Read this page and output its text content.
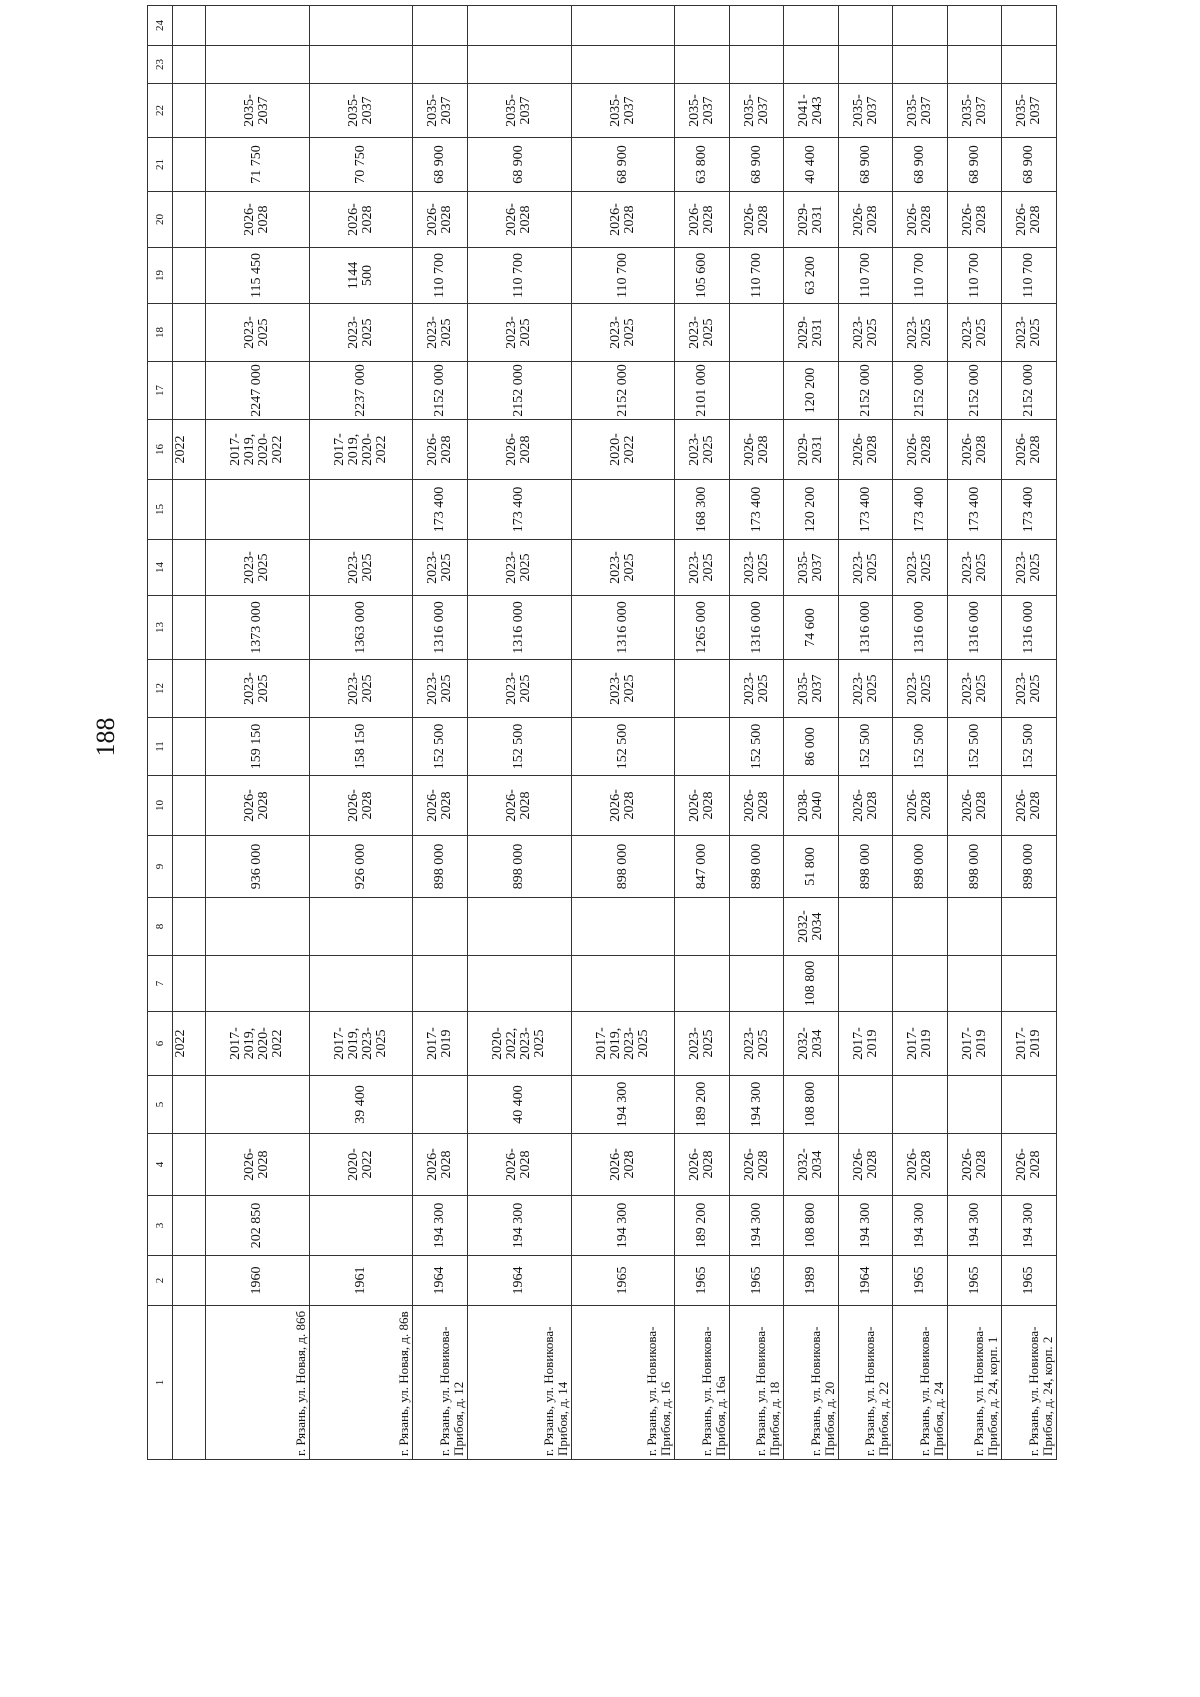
188
1	2	3	4	5	6	7	8	9	10	11	12	13	14	15	16	17	18	19	20	21	22	23	24
					2022										2022								
г. Рязань, ул. Новая, д. 86б	1960	202 850	2026-2028		2017-2019, 2020-2022			936 000	2026-2028	159 150	2023-2025	1373 000	2023-2025		2017-2019, 2020-2022	2247 000	2023-2025	115 450	2026-2028	71 750	2035-2037		
г. Рязань, ул. Новая, д. 86в	1961		2020-2022	39 400	2017-2019, 2023-2025			926 000	2026-2028	158 150	2023-2025	1363 000	2023-2025		2017-2019, 2020-2022	2237 000	2023-2025	1144 500	2026-2028	70 750	2035-2037		
г. Рязань, ул. Новикова-Прибоя, д. 12	1964	194 300	2026-2028		2017-2019			898 000	2026-2028	152 500	2023-2025	1316 000	2023-2025	173 400	2026-2028	2152 000	2023-2025	110 700	2026-2028	68 900	2035-2037		
г. Рязань, ул. Новикова-Прибоя, д. 14	1964	194 300	2026-2028	40 400	2020-2022, 2023-2025			898 000	2026-2028	152 500	2023-2025	1316 000	2023-2025	173 400	2026-2028	2152 000	2023-2025	110 700	2026-2028	68 900	2035-2037		
г. Рязань, ул. Новикова-Прибоя, д. 16	1965	194 300	2026-2028	194 300	2017-2019, 2023-2025			898 000	2026-2028	152 500	2023-2025	1316 000	2023-2025		2020-2022	2152 000	2023-2025	110 700	2026-2028	68 900	2035-2037		
г. Рязань, ул. Новикова-Прибоя, д. 16а	1965	189 200	2026-2028	189 200	2023-2025			847 000	2026-2028			1265 000	2023-2025	168 300	2023-2025	2101 000	2023-2025	105 600	2026-2028	63 800	2035-2037		
г. Рязань, ул. Новикова-Прибоя, д. 18	1965	194 300	2026-2028	194 300	2023-2025			898 000	2026-2028	152 500	2023-2025	1316 000	2023-2025	173 400	2026-2028			110 700	2026-2028	68 900	2035-2037		
г. Рязань, ул. Новикова-Прибоя, д. 20	1989	108 800	2032-2034	108 800	2032-2034	108 800	2032-2034	51 800	2038-2040	86 000	2035-2037	74 600	2035-2037	120 200	2029-2031	120 200	2029-2031	63 200	2029-2031	40 400	2041-2043		
г. Рязань, ул. Новикова-Прибоя, д. 22	1964	194 300	2026-2028		2017-2019			898 000	2026-2028	152 500	2023-2025	1316 000	2023-2025	173 400	2026-2028	2152 000	2023-2025	110 700	2026-2028	68 900	2035-2037		
г. Рязань, ул. Новикова-Прибоя, д. 24	1965	194 300	2026-2028		2017-2019			898 000	2026-2028	152 500	2023-2025	1316 000	2023-2025	173 400	2026-2028	2152 000	2023-2025	110 700	2026-2028	68 900	2035-2037		
г. Рязань, ул. Новикова-Прибоя, д. 24, корп. 1	1965	194 300	2026-2028		2017-2019			898 000	2026-2028	152 500	2023-2025	1316 000	2023-2025	173 400	2026-2028	2152 000	2023-2025	110 700	2026-2028	68 900	2035-2037		
г. Рязань, ул. Новикова-Прибоя, д. 24, корп. 2	1965	194 300	2026-2028		2017-2019			898 000	2026-2028	152 500	2023-2025	1316 000	2023-2025	173 400	2026-2028	2152 000	2023-2025	110 700	2026-2028	68 900	2035-2037		
